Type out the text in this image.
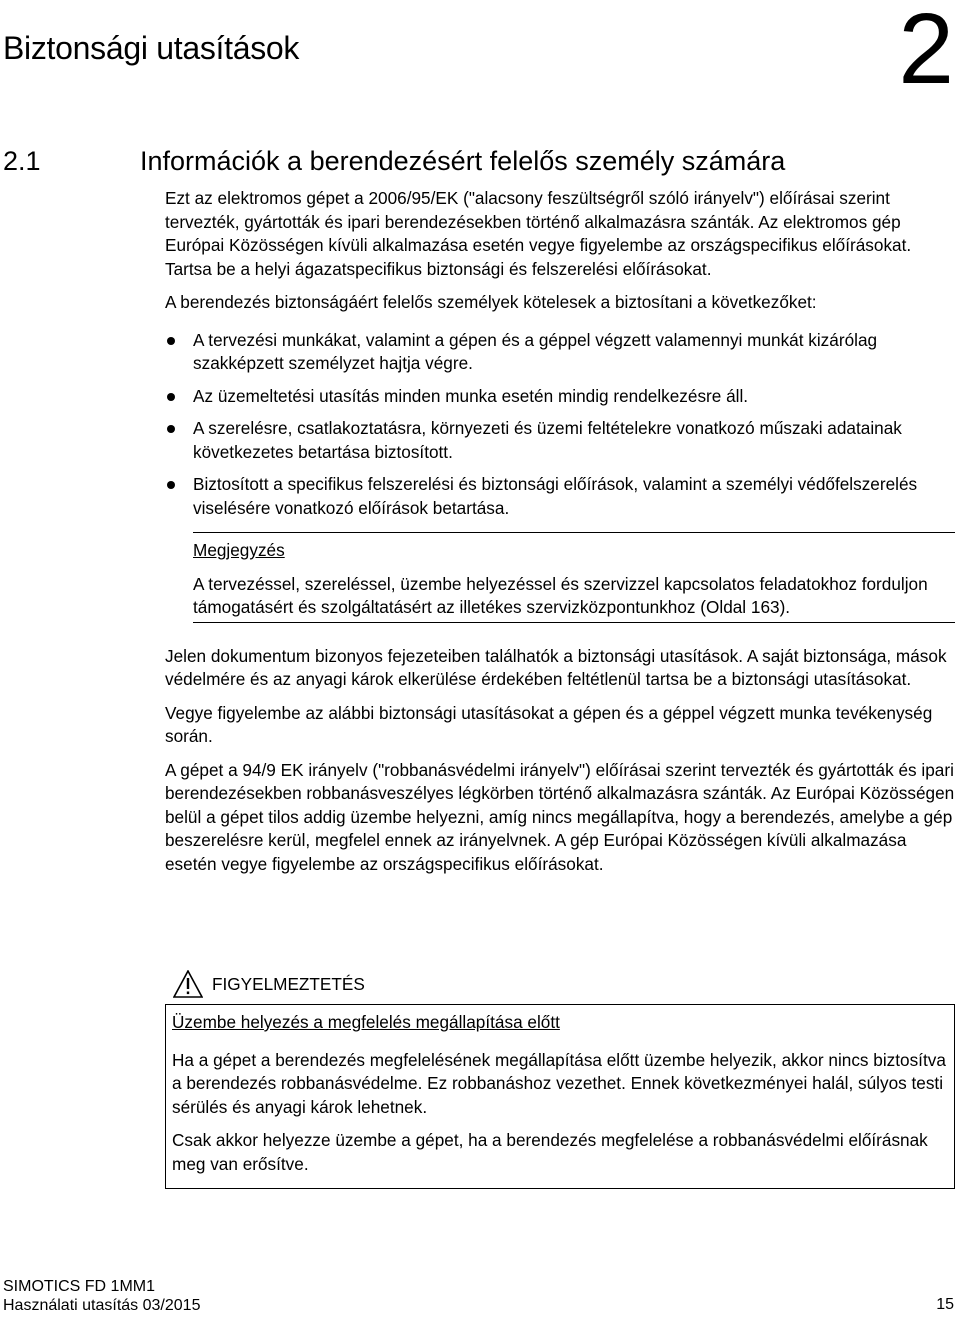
Biztonsági utasítások	2
2.1	Információk a berendezésért felelős személy számára

Ezt az elektromos gépet a 2006/95/EK ("alacsony feszültségről szóló irányelv") előírásai szerint tervezték, gyártották és ipari berendezésekben történő alkalmazásra szánták. Az elektromos gép Európai Közösségen kívüli alkalmazása esetén vegye figyelembe az országspecifikus előírásokat. Tartsa be a helyi ágazatspecifikus biztonsági és felszerelési előírásokat.

A berendezés biztonságáért felelős személyek kötelesek a biztosítani a következőket:

A tervezési munkákat, valamint a gépen és a géppel végzett valamennyi munkát kizárólag szakképzett személyzet hajtja végre.
Az üzemeltetési utasítás minden munka esetén mindig rendelkezésre áll.
A szerelésre, csatlakoztatásra, környezeti és üzemi feltételekre vonatkozó műszaki adatainak következetes betartása biztosított.
Biztosított a specifikus felszerelési és biztonsági előírások, valamint a személyi védőfelszerelés viselésére vonatkozó előírások betartása.

Megjegyzés

A tervezéssel, szereléssel, üzembe helyezéssel és szervizzel kapcsolatos feladatokhoz forduljon támogatásért és szolgáltatásért az illetékes szervizközpontunkhoz (Oldal 163).

Jelen dokumentum bizonyos fejezeteiben találhatók a biztonsági utasítások. A saját biztonsága, mások védelmére és az anyagi károk elkerülése érdekében feltétlenül tartsa be a biztonsági utasításokat.

Vegye figyelembe az alábbi biztonsági utasításokat a gépen és a géppel végzett munka tevékenység során.

A gépet a 94/9 EK irányelv ("robbanásvédelmi irányelv") előírásai szerint tervezték és gyártották és ipari berendezésekben robbanásveszélyes légkörben történő alkalmazásra szánták. Az Európai Közösségen belül a gépet tilos addig üzembe helyezni, amíg nincs megállapítva, hogy a berendezés, amelybe a gép beszerelésre kerül, megfelel ennek az irányelvnek. A gép Európai Közösségen kívüli alkalmazása esetén vegye figyelembe az országspecifikus előírásokat.

FIGYELMEZTETÉS

Üzembe helyezés a megfelelés megállapítása előtt

Ha a gépet a berendezés megfelelésének megállapítása előtt üzembe helyezik, akkor nincs biztosítva a berendezés robbanásvédelme. Ez robbanáshoz vezethet. Ennek következményei halál, súlyos testi sérülés és anyagi károk lehetnek.

Csak akkor helyezze üzembe a gépet, ha a berendezés megfelelése a robbanásvédelmi előírásnak meg van erősítve.

SIMOTICS FD 1MM1
Használati utasítás 03/2015	15
